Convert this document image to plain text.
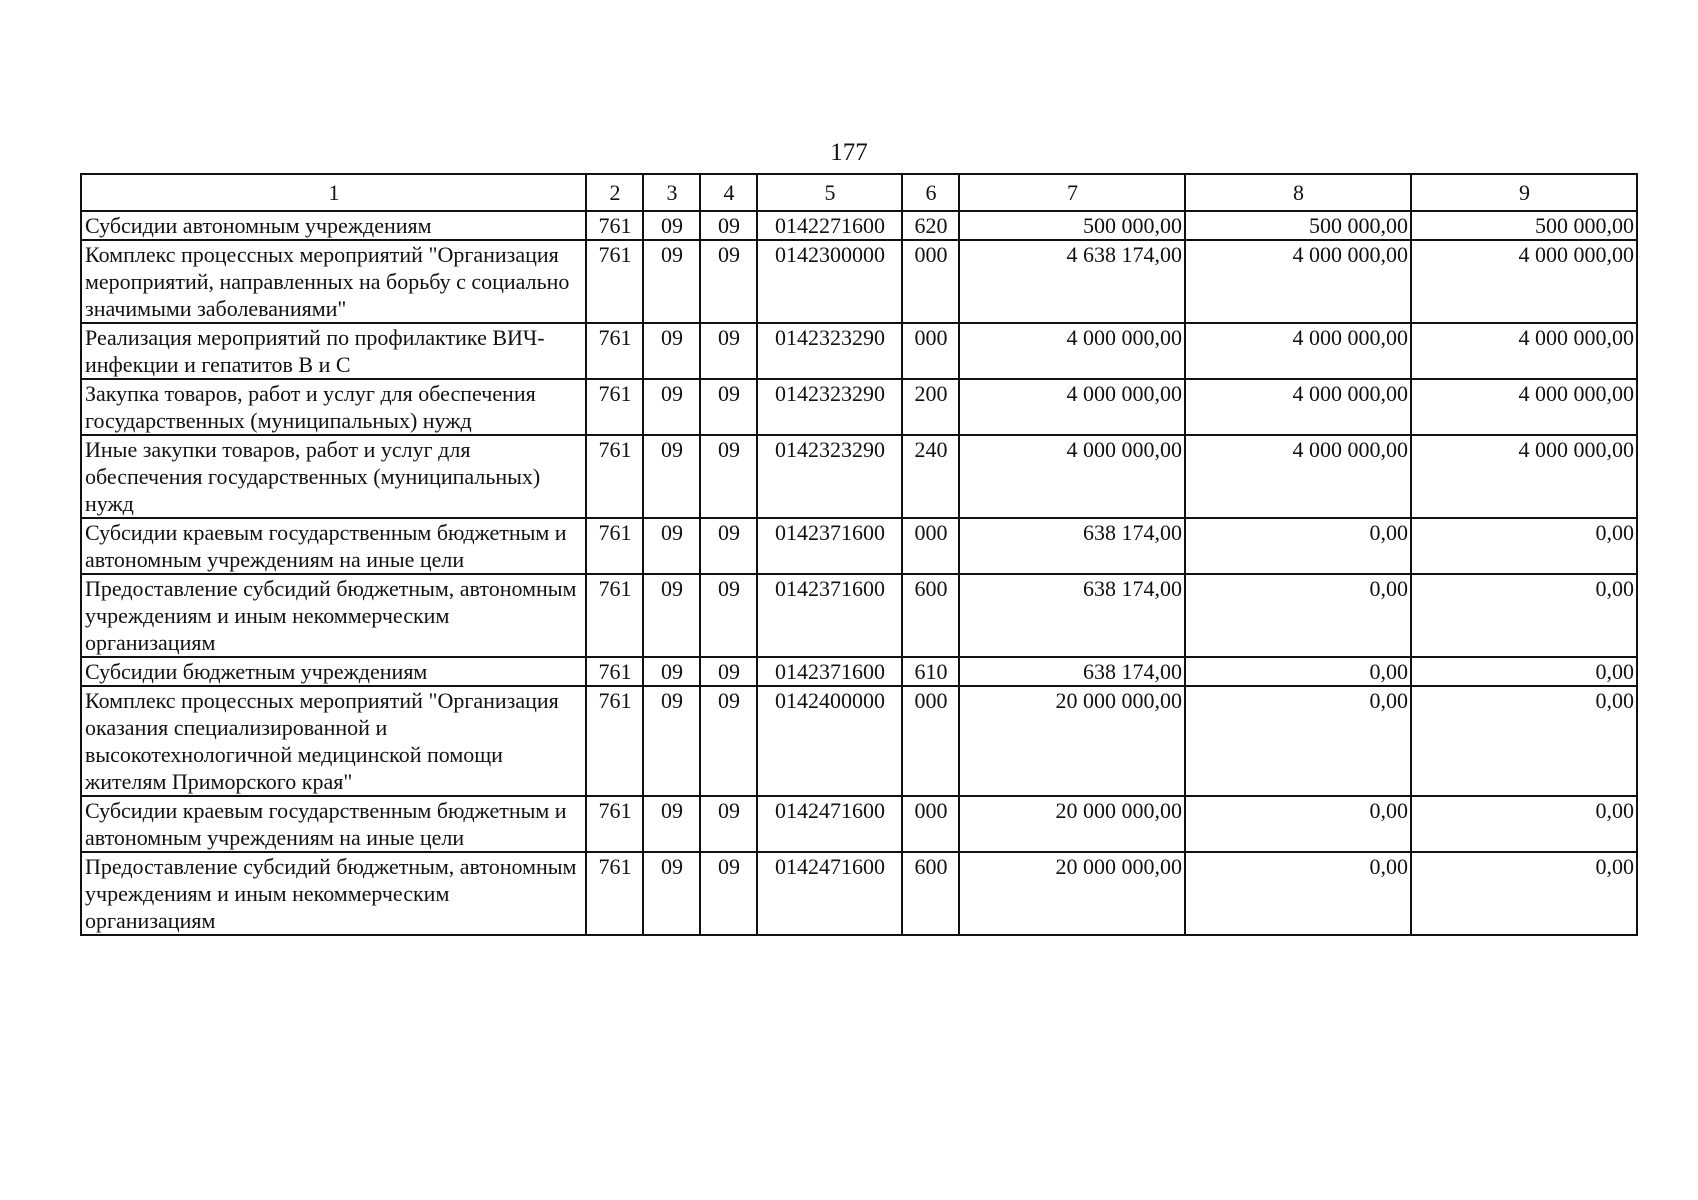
177
1	2	3	4	5	6	7	8	9
Субсидии автономным учреждениям	761	09	09	0142271600	620	500 000,00	500 000,00	500 000,00
Комплекс процессных мероприятий "Организация мероприятий, направленных на борьбу с социально значимыми заболеваниями"	761	09	09	0142300000	000	4 638 174,00	4 000 000,00	4 000 000,00
Реализация мероприятий по профилактике ВИЧ-инфекции и гепатитов В и С	761	09	09	0142323290	000	4 000 000,00	4 000 000,00	4 000 000,00
Закупка товаров, работ и услуг для обеспечения государственных (муниципальных) нужд	761	09	09	0142323290	200	4 000 000,00	4 000 000,00	4 000 000,00
Иные закупки товаров, работ и услуг для обеспечения государственных (муниципальных) нужд	761	09	09	0142323290	240	4 000 000,00	4 000 000,00	4 000 000,00
Субсидии краевым государственным бюджетным и автономным учреждениям на иные цели	761	09	09	0142371600	000	638 174,00	0,00	0,00
Предоставление субсидий бюджетным, автономным учреждениям и иным некоммерческим организациям	761	09	09	0142371600	600	638 174,00	0,00	0,00
Субсидии бюджетным учреждениям	761	09	09	0142371600	610	638 174,00	0,00	0,00
Комплекс процессных мероприятий "Организация оказания специализированной и высокотехнологичной медицинской помощи жителям Приморского края"	761	09	09	0142400000	000	20 000 000,00	0,00	0,00
Субсидии краевым государственным бюджетным и автономным учреждениям на иные цели	761	09	09	0142471600	000	20 000 000,00	0,00	0,00
Предоставление субсидий бюджетным, автономным учреждениям и иным некоммерческим организациям	761	09	09	0142471600	600	20 000 000,00	0,00	0,00
